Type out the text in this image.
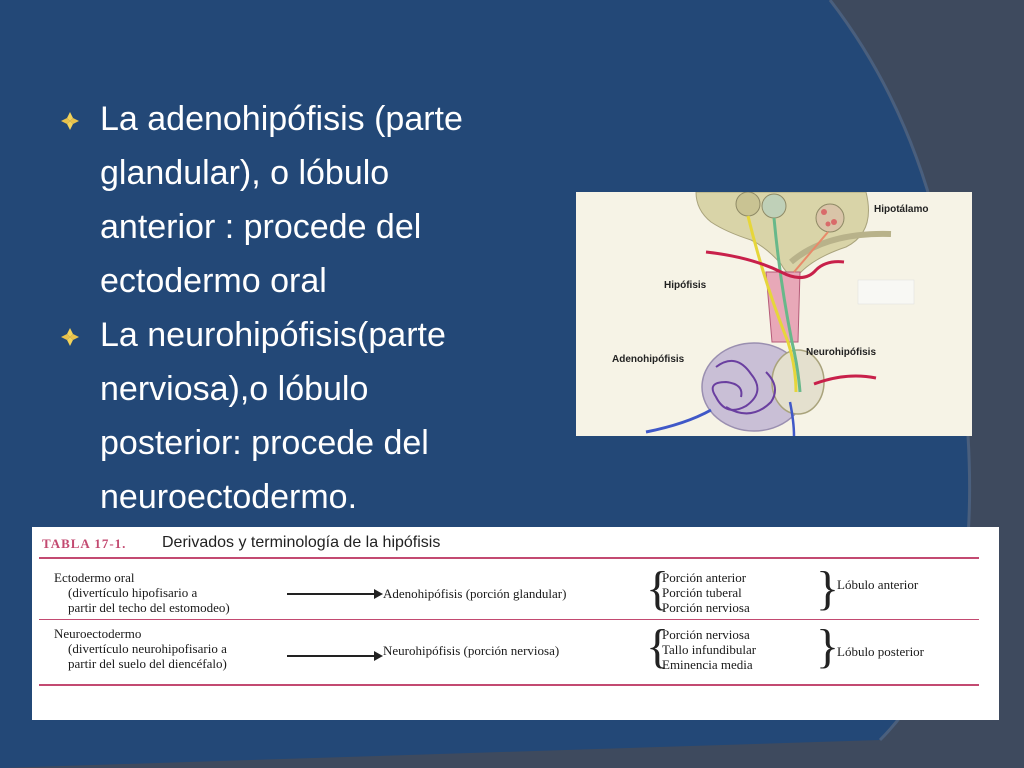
La adenohipófisis (parte
glandular), o lóbulo
anterior : procede del
ectodermo oral
La neurohipófisis(parte
nerviosa),o lóbulo
posterior: procede del
neuroectodermo.
Hipotálamo
Hipófisis
Adenohipófisis
Neurohipófisis
TABLA 17-1. Derivados y terminología de la hipófisis
Ectodermo oral
(divertículo hipofisario a
partir del techo del estomodeo)
Adenohipófisis (porción glandular) {
Porción anterior
Porción tuberal
Porción nerviosa }
Lóbulo anterior
Neuroectodermo
(divertículo neurohipofisario a
partir del suelo del diencéfalo)
Neurohipófisis (porción nerviosa) {
Porción nerviosa
Tallo infundibular
Eminencia media }
Lóbulo posterior
